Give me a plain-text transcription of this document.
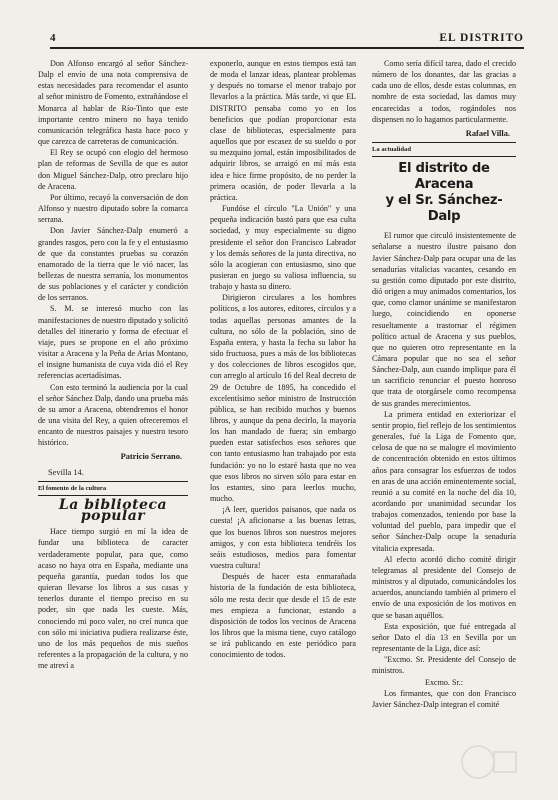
4	EL DISTRITO

Don Alfonso encargó al señor Sánchez-Dalp el envío de una nota comprensiva de estas necesidades para recomendar el asunto al señor ministro de Fomento, extrañándose el Monarca al hablar de Río-Tinto que este importante centro minero no haya tenido comunicación telegráfica hasta hace poco y que carezca de carreteras de comunicación.

El Rey se ocupó con elogio del hermoso plan de reformas de Sevilla de que es autor don Miguel Sánchez-Dalp, otro preclaro hijo de Aracena.

Por último, recayó la conversación de don Alfonso y nuestro diputado sobre la comarca serrana.

Don Javier Sánchez-Dalp enumeró a grandes rasgos, pero con la fe y el entusiasmo de que da constantes pruebas su corazón enamorado de la tierra que le vió nacer, las bellezas de nuestra serranía, los monumentos de sus poblaciones y el carácter y condición de los serranos.

S. M. se interesó mucho con las manifestaciones de nuestro diputado y solicitó detalles del itinerario y forma de efectuar el viaje, pues se propone en el año próximo visitar a Aracena y la Peña de Arias Montano, el insigne humanista de cuya vida dió el Rey referencias acertadísimas.

Con esto terminó la audiencia por la cual el señor Sánchez Dalp, dando una prueba más de su amor a Aracena, obtendremos el honor de una visita del Rey, a quien ofreceremos el encanto de nuestros paisajes y nuestro tesoro histórico.

Patricio Serrano.
Sevilla 14.
El fomento de la cultura
La biblioteca popular

Hace tiempo surgió en mí la idea de fundar una biblioteca de caracter verdaderamente popular, para que, como acaso no haya otra en España, mediante una pequeña garantía, puedan todos los que quieran llevarse los libros a sus casas y tenerlos durante el tiempo preciso en su poder, sin que nada les cueste. Más, conociendo mi poco valer, no creí nunca que con sólo mi iniciativa pudiera realizarse éste, uno de los más pequeños de mis sueños referentes a la propagación de la cultura, y no me atreví a

exponerlo, aunque en estos tiempos está tan de moda el lanzar ideas, plantear problemas y después no tomarse el menor trabajo por llevarlos a la práctica. Más tarde, vi que EL DISTRITO pensaba como yo en los beneficios que podían proporcionar esta clase de bibliotecas, especialmente para aquellos que por escasez de su sueldo o por su mezquino jornal, están imposibilitados de adquirir libros, se arraigó en mí más esta idea e hice firme propósito, de no perder la primera ocasión, de poder llevarla a la práctica.

Fundóse el círculo "La Unión" y una pequeña indicación bastó para que esa culta sociedad, y muy especialmente su digno presidente el señor don Francisco Labrador y los demás señores de la junta directiva, no sólo la acogieran con entusiasmo, sino que pusieran en juego su valiosa influencia, su trabajo y hasta su dinero.

Dirigieron circulares a los hombres políticos, a los autores, editores, círculos y a todas aquellas personas amantes de la cultura, no sólo de la población, sino de España entera, y hasta la fecha su labor ha sido fructuosa, pues a más de los bibliotecas y dos colecciones de libros escogidos que, con arreglo al artículo 16 del Real decreto de 29 de Octubre de 1895, ha concedido el excelentísimo señor ministro de Instrucción pública, se han recibido muchos y buenos libros, y aunque da pena decirlo, la mayoría los han mandado de fuera; sin embargo pueden estar satisfechos esos señores que con tanto entusiasmo han trabajado por esta fundación: yo no lo estaré hasta que no vea que esos libros no sirven sólo para estar en los estantes, sino para leerlos mucho, mucho.

¡A leer, queridos paisanos, que nada os cuesta! ¡A aficionarse a las buenas letras, que los buenos libros son nuestros mejores amigos, y con esta biblioteca tendréis los seáis estudiosos, medios para fomentar vuestra cultura!

Después de hacer esta enmarañada historia de la fundación de esta biblioteca, sólo me resta decir que desde el 15 de este mes empieza a funcionar, estando a disposición de todos los vecinos de Aracena los libros que la misma tiene, cuyo catálogo se irá publicando en este periódico para conocimiento de todos.

Como sería difícil tarea, dado el crecido número de los donantes, dar las gracias a cada uno de ellos, desde estas columnas, en nombre de esta sociedad, las damos muy encarecidas a todos, rogándoles nos dispensen no lo hagamos particularmente.

Rafael Villa.
La actualidad
El distrito de Aracena
y el Sr. Sánchez-Dalp

El rumor que circuló insistentemente de señalarse a nuestro ilustre paisano don Javier Sánchez-Dalp para ocupar una de las senadurías vitalicias vacantes, cesando en su gestión como diputado por este distrito, dió origen a muy animados comentarios, los que, como clamor unánime se manifestaron luego, coincidiendo en oponerse resueltamente a trastornar el régimen político actual de Aracena y sus pueblos, que no quieren otro representante en la Cámara popular que no sea el señor Sánchez-Dalp, aun cuando implique para él un sacrificio renunciar el puesto honroso que trata de otorgársele como recompensa de sus grandes merecimientos.

La primera entidad en exteriorizar el sentir propio, fiel reflejo de los sentimientos generales, fué la Liga de Fomento que, celosa de que no se malogre el movimiento de concentración obtenido en estos últimos años para consagrar los esfuerzos de todos en aras de una acción eminentemente social, reunió a su comité en la noche del día 10, acordando por unanimidad secundar los trabajos comenzados, teniendo por base la voluntad del pueblo, para impedir que el señor Sánchez-Dalp ocupe la senaduría vitalicia expresada.

Al efecto acordó dicho comité dirigir telegramas al presidente del Consejo de ministros y al diputado, comunicándoles los acuerdos, anunciando también al primero el envío de una exposición de los motivos en que se basan aquéllos.

Esta exposición, que fué entregada al señor Dato el día 13 en Sevilla por un representante de la Liga, dice así:

"Excmo. Sr. Presidente del Consejo de ministros.

Excmo. Sr.:

Los firmantes, que con don Francisco Javier Sánchez-Dalp integran el comité
